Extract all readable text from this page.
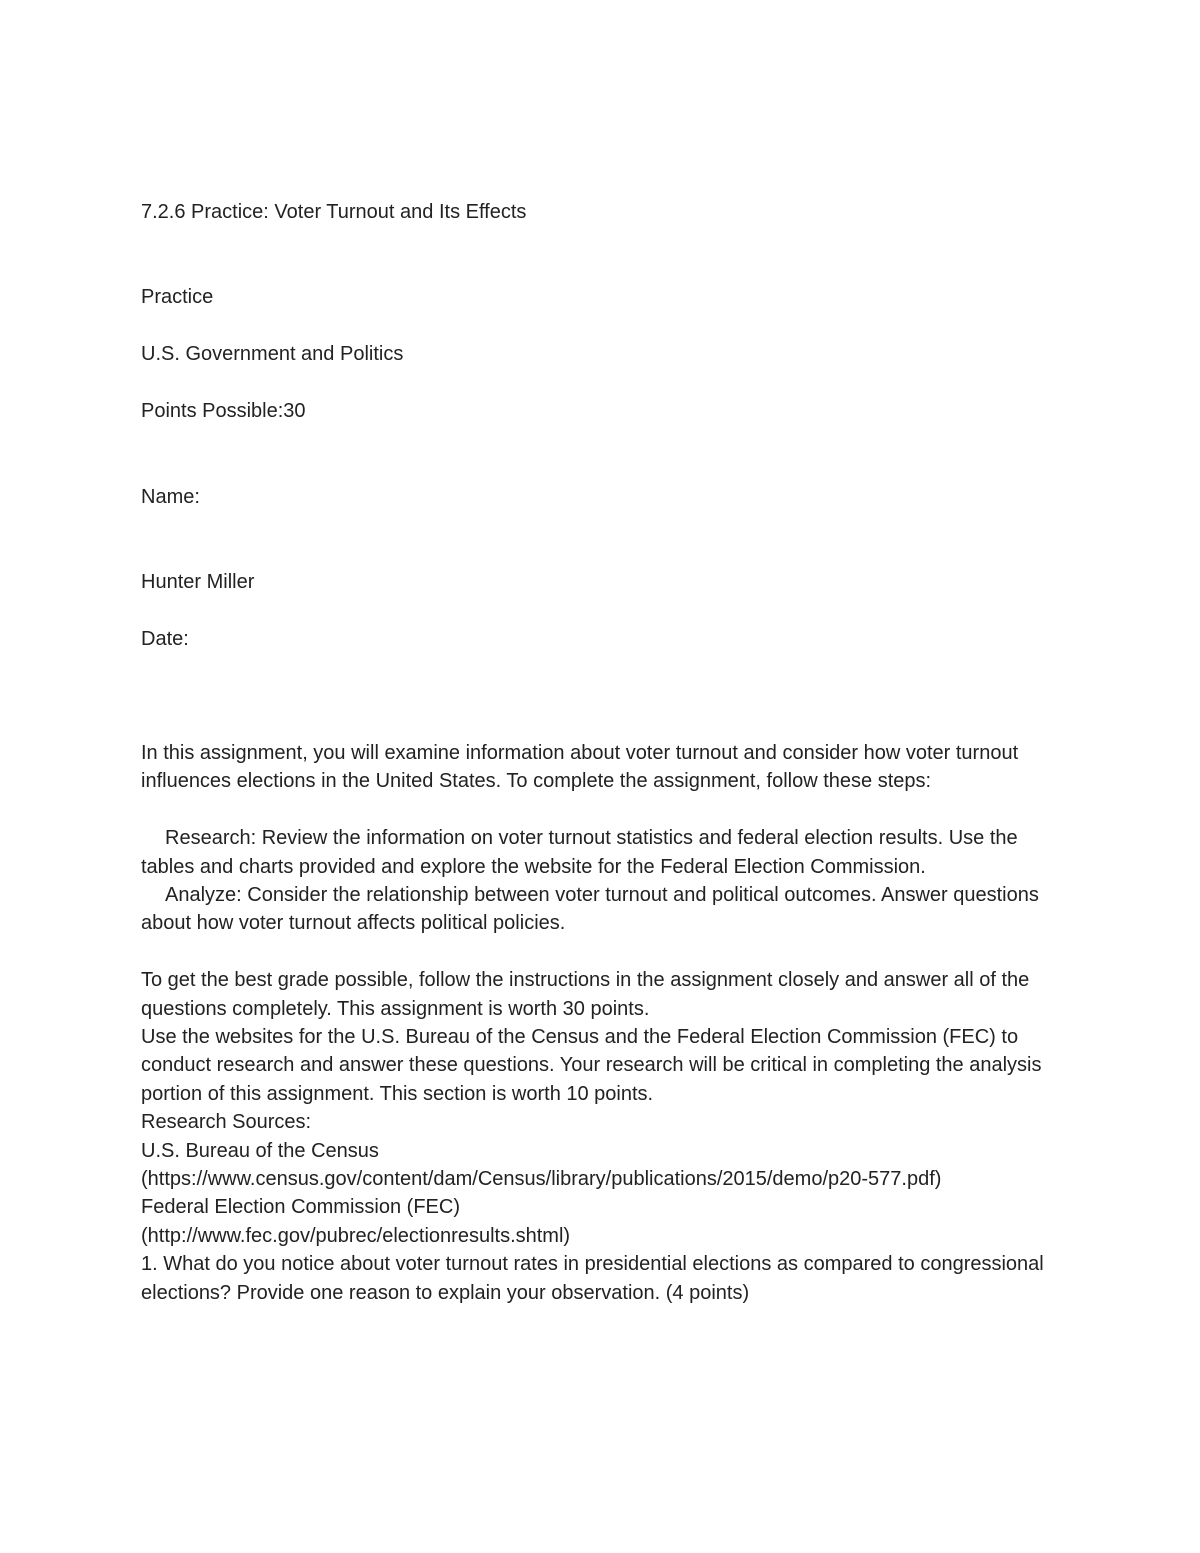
7.2.6 Practice: Voter Turnout and Its Effects
Practice
U.S. Government and Politics
Points Possible:30
Name:
Hunter Miller
Date:

In this assignment, you will examine information about voter turnout and consider how voter turnout influences elections in the United States. To complete the assignment, follow these steps:

Research: Review the information on voter turnout statistics and federal election results. Use the tables and charts provided and explore the website for the Federal Election Commission.

Analyze: Consider the relationship between voter turnout and political outcomes. Answer questions about how voter turnout affects political policies.

To get the best grade possible, follow the instructions in the assignment closely and answer all of the questions completely. This assignment is worth 30 points.

Use the websites for the U.S. Bureau of the Census and the Federal Election Commission (FEC) to conduct research and answer these questions. Your research will be critical in completing the analysis portion of this assignment. This section is worth 10 points.

Research Sources:

U.S. Bureau of the Census

(https://www.census.gov/content/dam/Census/library/publications/2015/demo/p20-577.pdf)

Federal Election Commission (FEC)

(http://www.fec.gov/pubrec/electionresults.shtml)

1. What do you notice about voter turnout rates in presidential elections as compared to congressional elections? Provide one reason to explain your observation. (4 points)
